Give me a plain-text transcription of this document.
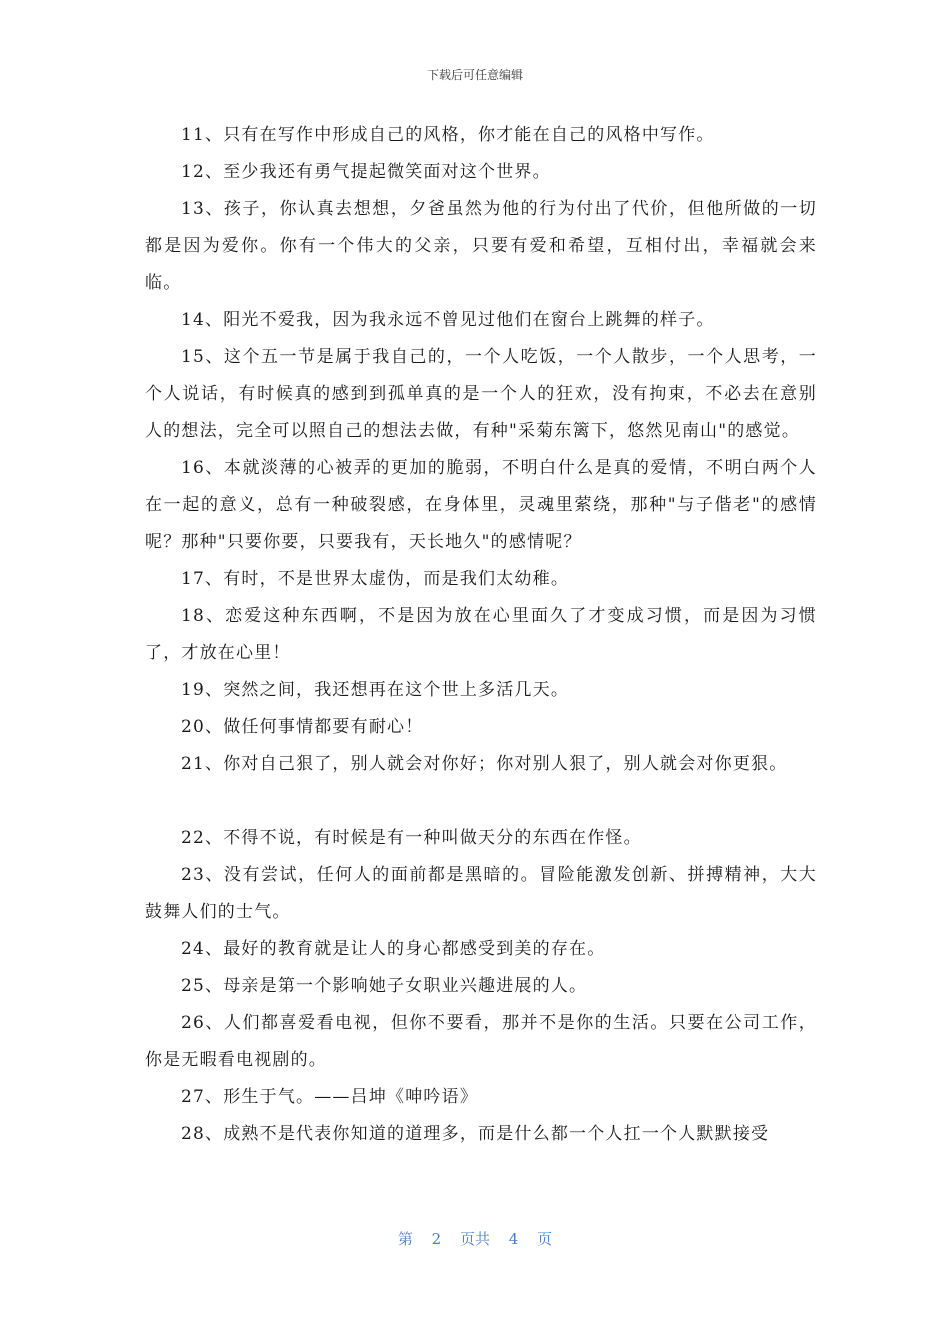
下载后可任意编辑

11、只有在写作中形成自己的风格，你才能在自己的风格中写作。

12、至少我还有勇气提起微笑面对这个世界。

13、孩子，你认真去想想，夕爸虽然为他的行为付出了代价，但他所做的一切都是因为爱你。你有一个伟大的父亲，只要有爱和希望，互相付出，幸福就会来临。

14、阳光不爱我，因为我永远不曾见过他们在窗台上跳舞的样子。

15、这个五一节是属于我自己的，一个人吃饭，一个人散步，一个人思考，一个人说话，有时候真的感到到孤单真的是一个人的狂欢，没有拘束，不必去在意别人的想法，完全可以照自己的想法去做，有种"采菊东篱下，悠然见南山"的感觉。

16、本就淡薄的心被弄的更加的脆弱，不明白什么是真的爱情，不明白两个人在一起的意义，总有一种破裂感，在身体里，灵魂里萦绕，那种"与子偕老"的感情呢？那种"只要你要，只要我有，天长地久"的感情呢？

17、有时，不是世界太虚伪，而是我们太幼稚。

18、恋爱这种东西啊，不是因为放在心里面久了才变成习惯，而是因为习惯了，才放在心里！

19、突然之间，我还想再在这个世上多活几天。

20、做任何事情都要有耐心！

21、你对自己狠了，别人就会对你好；你对别人狠了，别人就会对你更狠。

22、不得不说，有时候是有一种叫做天分的东西在作怪。

23、没有尝试，任何人的面前都是黑暗的。冒险能激发创新、拼搏精神，大大鼓舞人们的士气。

24、最好的教育就是让人的身心都感受到美的存在。

25、母亲是第一个影响她子女职业兴趣进展的人。

26、人们都喜爱看电视，但你不要看，那并不是你的生活。只要在公司工作，你是无暇看电视剧的。

27、形生于气。——吕坤《呻吟语》

28、成熟不是代表你知道的道理多，而是什么都一个人扛一个人默默接受

第 2 页共 4 页
